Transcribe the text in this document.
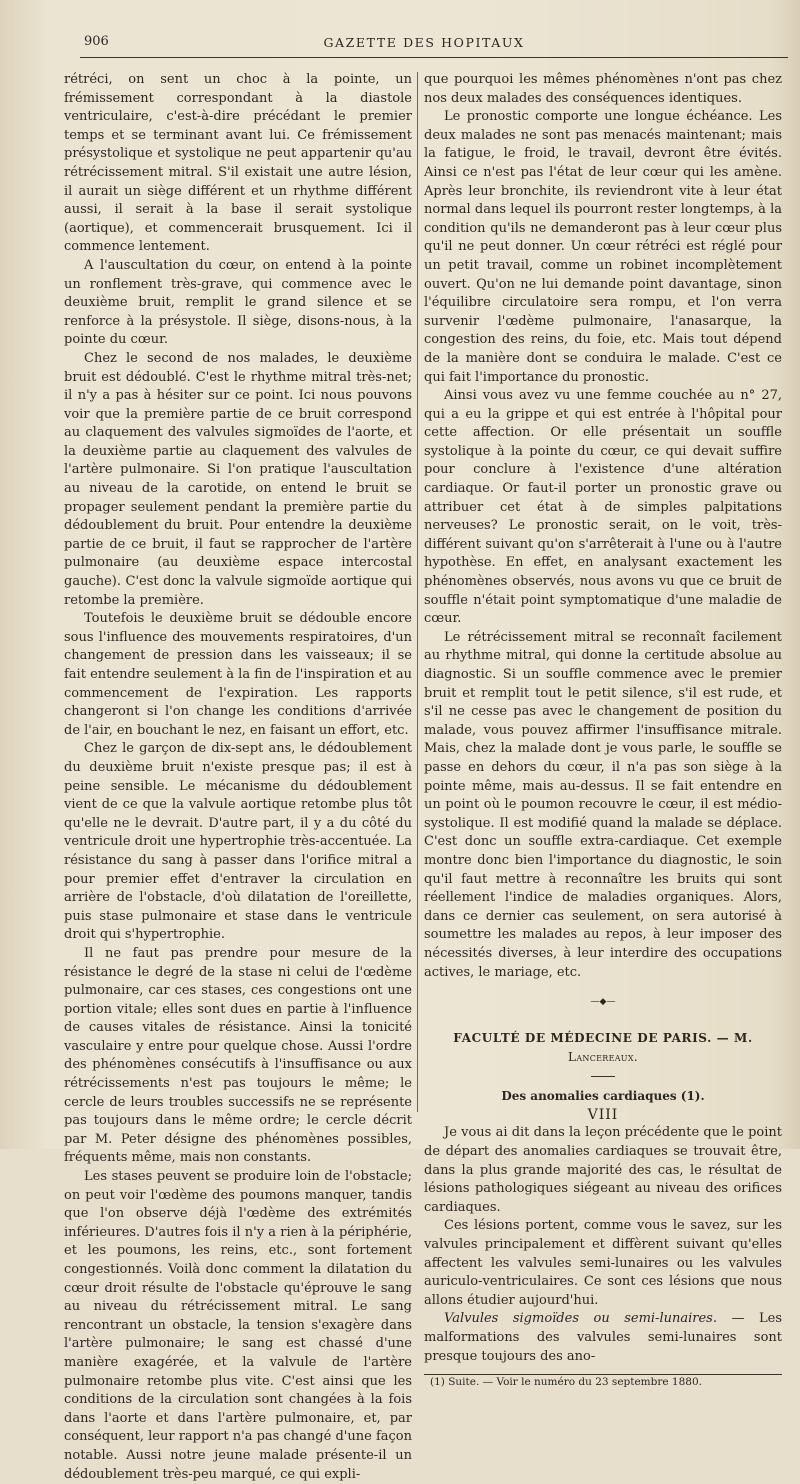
906	GAZETTE DES HOPITAUX

rétréci, on sent un choc à la pointe, un frémissement correspondant à la diastole ventriculaire, c'est-à-dire précédant le premier temps et se terminant avant lui. Ce frémissement présystolique et systolique ne peut appartenir qu'au rétrécissement mitral. S'il existait une autre lésion, il aurait un siège différent et un rhythme différent aussi, il serait à la base il serait systolique (aortique), et commencerait brusquement. Ici il commence lentement.

A l'auscultation du cœur, on entend à la pointe un ronflement très-grave, qui commence avec le deuxième bruit, remplit le grand silence et se renforce à la présystole. Il siège, disons-nous, à la pointe du cœur.

Chez le second de nos malades, le deuxième bruit est dédoublé. C'est le rhythme mitral très-net; il n'y a pas à hésiter sur ce point. Ici nous pouvons voir que la première partie de ce bruit correspond au claquement des valvules sigmoïdes de l'aorte, et la deuxième partie au claquement des valvules de l'artère pulmonaire. Si l'on pratique l'auscultation au niveau de la carotide, on entend le bruit se propager seulement pendant la première partie du dédoublement du bruit. Pour entendre la deuxième partie de ce bruit, il faut se rapprocher de l'artère pulmonaire (au deuxième espace intercostal gauche). C'est donc la valvule sigmoïde aortique qui retombe la première.

Toutefois le deuxième bruit se dédouble encore sous l'influence des mouvements respiratoires, d'un changement de pression dans les vaisseaux; il se fait entendre seulement à la fin de l'inspiration et au commencement de l'expiration. Les rapports changeront si l'on change les conditions d'arrivée de l'air, en bouchant le nez, en faisant un effort, etc.

Chez le garçon de dix-sept ans, le dédoublement du deuxième bruit n'existe presque pas; il est à peine sensible. Le mécanisme du dédoublement vient de ce que la valvule aortique retombe plus tôt qu'elle ne le devrait. D'autre part, il y a du côté du ventricule droit une hypertrophie très-accentuée. La résistance du sang à passer dans l'orifice mitral a pour premier effet d'entraver la circulation en arrière de l'obstacle, d'où dilatation de l'oreillette, puis stase pulmonaire et stase dans le ventricule droit qui s'hypertrophie.

Il ne faut pas prendre pour mesure de la résistance le degré de la stase ni celui de l'œdème pulmonaire, car ces stases, ces congestions ont une portion vitale; elles sont dues en partie à l'influence de causes vitales de résistance. Ainsi la tonicité vasculaire y entre pour quelque chose. Aussi l'ordre des phénomènes consécutifs à l'insuffisance ou aux rétrécissements n'est pas toujours le même; le cercle de leurs troubles successifs ne se représente pas toujours dans le même ordre; le cercle décrit par M. Peter désigne des phénomènes possibles, fréquents même, mais non constants.

Les stases peuvent se produire loin de l'obstacle; on peut voir l'œdème des poumons manquer, tandis que l'on observe déjà l'œdème des extrémités inférieures. D'autres fois il n'y a rien à la périphérie, et les poumons, les reins, etc., sont fortement congestionnés. Voilà donc comment la dilatation du cœur droit résulte de l'obstacle qu'éprouve le sang au niveau du rétrécissement mitral. Le sang rencontrant un obstacle, la tension s'exagère dans l'artère pulmonaire; le sang est chassé d'une manière exagérée, et la valvule de l'artère pulmonaire retombe plus vite. C'est ainsi que les conditions de la circulation sont changées à la fois dans l'aorte et dans l'artère pulmonaire, et, par conséquent, leur rapport n'a pas changé d'une façon notable. Aussi notre jeune malade présente-il un dédoublement très-peu marqué, ce qui expli-

que pourquoi les mêmes phénomènes n'ont pas chez nos deux malades des conséquences identiques.

Le pronostic comporte une longue échéance. Les deux malades ne sont pas menacés maintenant; mais la fatigue, le froid, le travail, devront être évités. Ainsi ce n'est pas l'état de leur cœur qui les amène. Après leur bronchite, ils reviendront vite à leur état normal dans lequel ils pourront rester longtemps, à la condition qu'ils ne demanderont pas à leur cœur plus qu'il ne peut donner. Un cœur rétréci est réglé pour un petit travail, comme un robinet incomplètement ouvert. Qu'on ne lui demande point davantage, sinon l'équilibre circulatoire sera rompu, et l'on verra survenir l'œdème pulmonaire, l'anasarque, la congestion des reins, du foie, etc. Mais tout dépend de la manière dont se conduira le malade. C'est ce qui fait l'importance du pronostic.

Ainsi vous avez vu une femme couchée au n° 27, qui a eu la grippe et qui est entrée à l'hôpital pour cette affection. Or elle présentait un souffle systolique à la pointe du cœur, ce qui devait suffire pour conclure à l'existence d'une altération cardiaque. Or faut-il porter un pronostic grave ou attribuer cet état à de simples palpitations nerveuses? Le pronostic serait, on le voit, très-différent suivant qu'on s'arrêterait à l'une ou à l'autre hypothèse. En effet, en analysant exactement les phénomènes observés, nous avons vu que ce bruit de souffle n'était point symptomatique d'une maladie de cœur.

Le rétrécissement mitral se reconnaît facilement au rhythme mitral, qui donne la certitude absolue au diagnostic. Si un souffle commence avec le premier bruit et remplit tout le petit silence, s'il est rude, et s'il ne cesse pas avec le changement de position du malade, vous pouvez affirmer l'insuffisance mitrale. Mais, chez la malade dont je vous parle, le souffle se passe en dehors du cœur, il n'a pas son siège à la pointe même, mais au-dessus. Il se fait entendre en un point où le poumon recouvre le cœur, il est médio-systolique. Il est modifié quand la malade se déplace. C'est donc un souffle extra-cardiaque. Cet exemple montre donc bien l'importance du diagnostic, le soin qu'il faut mettre à reconnaître les bruits qui sont réellement l'indice de maladies organiques. Alors, dans ce dernier cas seulement, on sera autorisé à soumettre les malades au repos, à leur imposer des nécessités diverses, à leur interdire des occupations actives, le mariage, etc.

—◆—

FACULTÉ DE MÉDECINE DE PARIS. — M. Lancereaux.

Des anomalies cardiaques (1).

VIII

Je vous ai dit dans la leçon précédente que le point de départ des anomalies cardiaques se trouvait être, dans la plus grande majorité des cas, le résultat de lésions pathologiques siégeant au niveau des orifices cardiaques.

Ces lésions portent, comme vous le savez, sur les valvules principalement et diffèrent suivant qu'elles affectent les valvules semi-lunaires ou les valvules auriculo-ventriculaires. Ce sont ces lésions que nous allons étudier aujourd'hui.

Valvules sigmoïdes ou semi-lunaires. — Les malformations des valvules semi-lunaires sont presque toujours des ano-

(1) Suite. — Voir le numéro du 23 septembre 1880.
